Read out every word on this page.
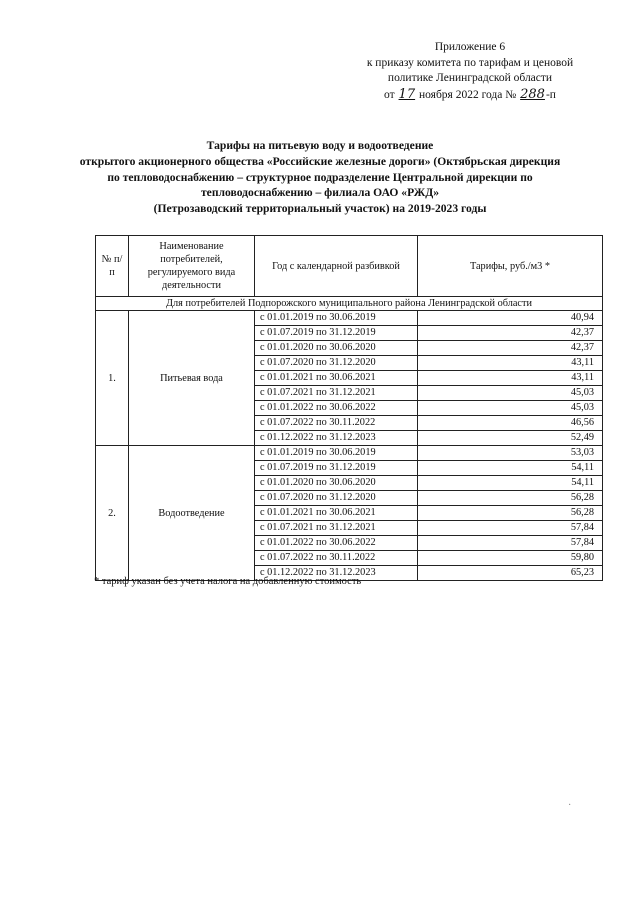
Приложение 6
к приказу комитета по тарифам и ценовой
политике Ленинградской области
от 17 ноября 2022 года № 288-п
Тарифы на питьевую воду и водоотведение
открытого акционерного общества «Российские железные дороги» (Октябрьская дирекция
по тепловодоснабжению – структурное подразделение Центральной дирекции по
тепловодоснабжению – филиала ОАО «РЖД»
(Петрозаводский территориальный участок) на 2019-2023 годы
№ п/п	Наименование потребителей, регулируемого вида деятельности	Год с календарной разбивкой	Тарифы, руб./м3 *
Для потребителей Подпорожского муниципального района Ленинградской области			
1.	Питьевая вода	с 01.01.2019 по 30.06.2019	40,94
		с 01.07.2019 по 31.12.2019	42,37
		с 01.01.2020 по 30.06.2020	42,37
		с 01.07.2020 по 31.12.2020	43,11
		с 01.01.2021 по 30.06.2021	43,11
		с 01.07.2021 по 31.12.2021	45,03
		с 01.01.2022 по 30.06.2022	45,03
		с 01.07.2022 по 30.11.2022	46,56
		с 01.12.2022 по 31.12.2023	52,49
2.	Водоотведение	с 01.01.2019 по 30.06.2019	53,03
		с 01.07.2019 по 31.12.2019	54,11
		с 01.01.2020 по 30.06.2020	54,11
		с 01.07.2020 по 31.12.2020	56,28
		с 01.01.2021 по 30.06.2021	56,28
		с 01.07.2021 по 31.12.2021	57,84
		с 01.01.2022 по 30.06.2022	57,84
		с 01.07.2022 по 30.11.2022	59,80
		с 01.12.2022 по 31.12.2023	65,23
* тариф указан без учета налога на добавленную стоимость
·
